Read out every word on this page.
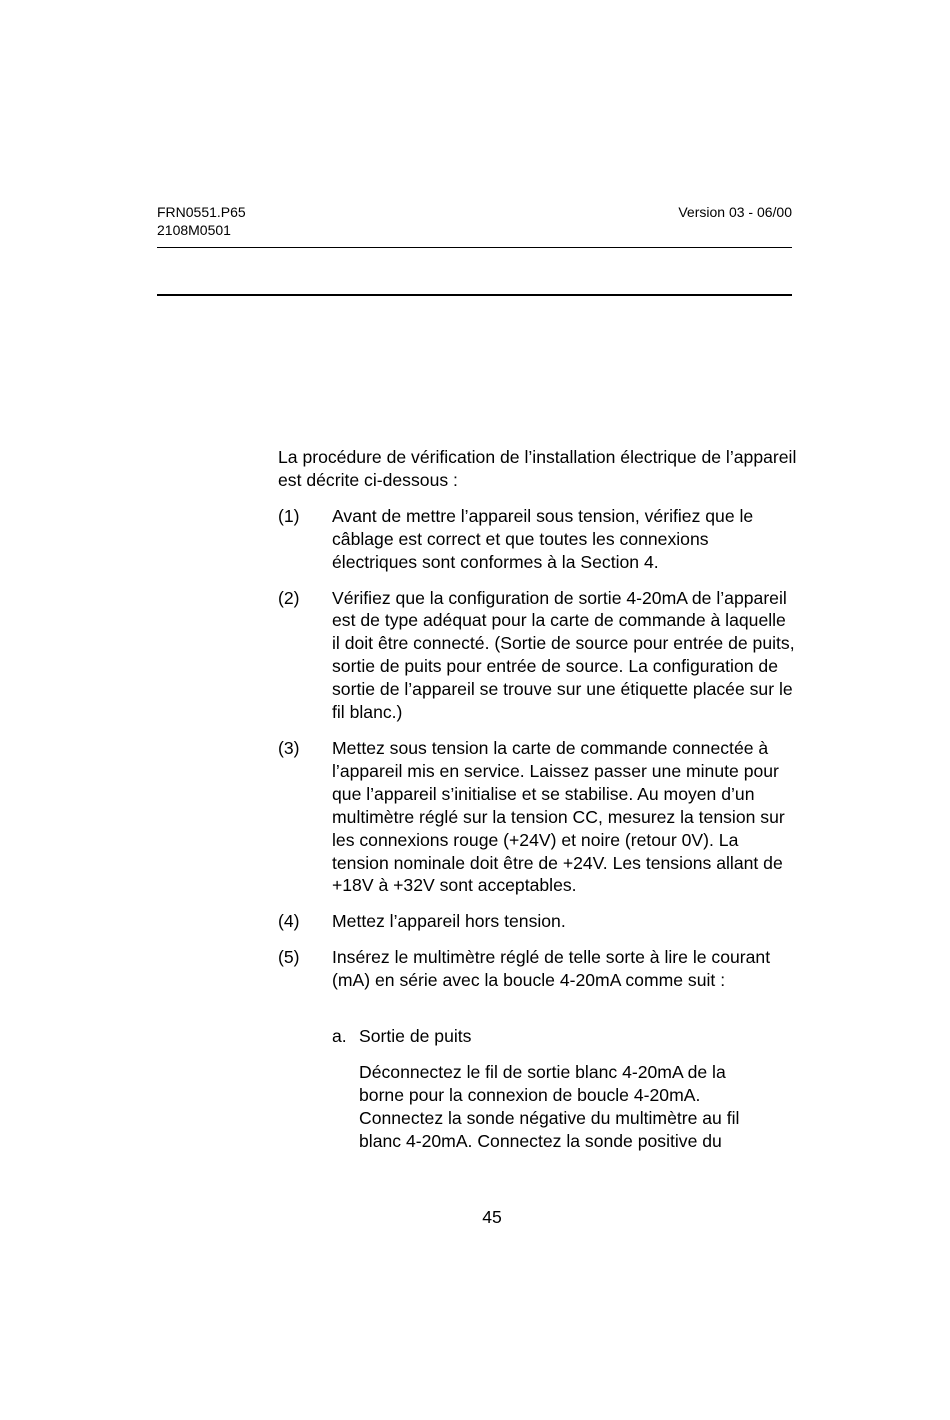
FRN0551.P65
2108M0501
Version 03 - 06/00

La procédure de vérification de l’installation électrique de l’appareil est décrite ci-dessous :

(1)	Avant de mettre l’appareil sous tension, vérifiez que le câblage est correct et que toutes les connexions électriques sont conformes à la Section 4.
(2)	Vérifiez que la configuration de sortie 4-20mA de l’appareil est de type adéquat pour la carte de commande à laquelle il doit être connecté. (Sortie de source pour entrée de puits, sortie de puits pour entrée de source. La configuration de sortie de l’appareil se trouve sur une étiquette placée sur le fil blanc.)
(3)	Mettez sous tension la carte de commande connectée à l’appareil mis en service. Laissez passer une minute pour que l’appareil s’initialise et se stabilise. Au moyen d’un multimètre réglé sur la tension CC, mesurez la tension sur les connexions rouge (+24V) et noire (retour 0V). La tension nominale doit être de +24V. Les tensions allant de +18V à +32V sont acceptables.
(4)	Mettez l’appareil hors tension.
(5)	Insérez le multimètre réglé de telle sorte à lire le courant (mA) en série avec la boucle 4-20mA comme suit :
a. Sortie de puits
Déconnectez le fil de sortie blanc 4-20mA de la borne pour la connexion de boucle 4-20mA. Connectez la sonde négative du multimètre au fil blanc 4-20mA. Connectez la sonde positive du
45
